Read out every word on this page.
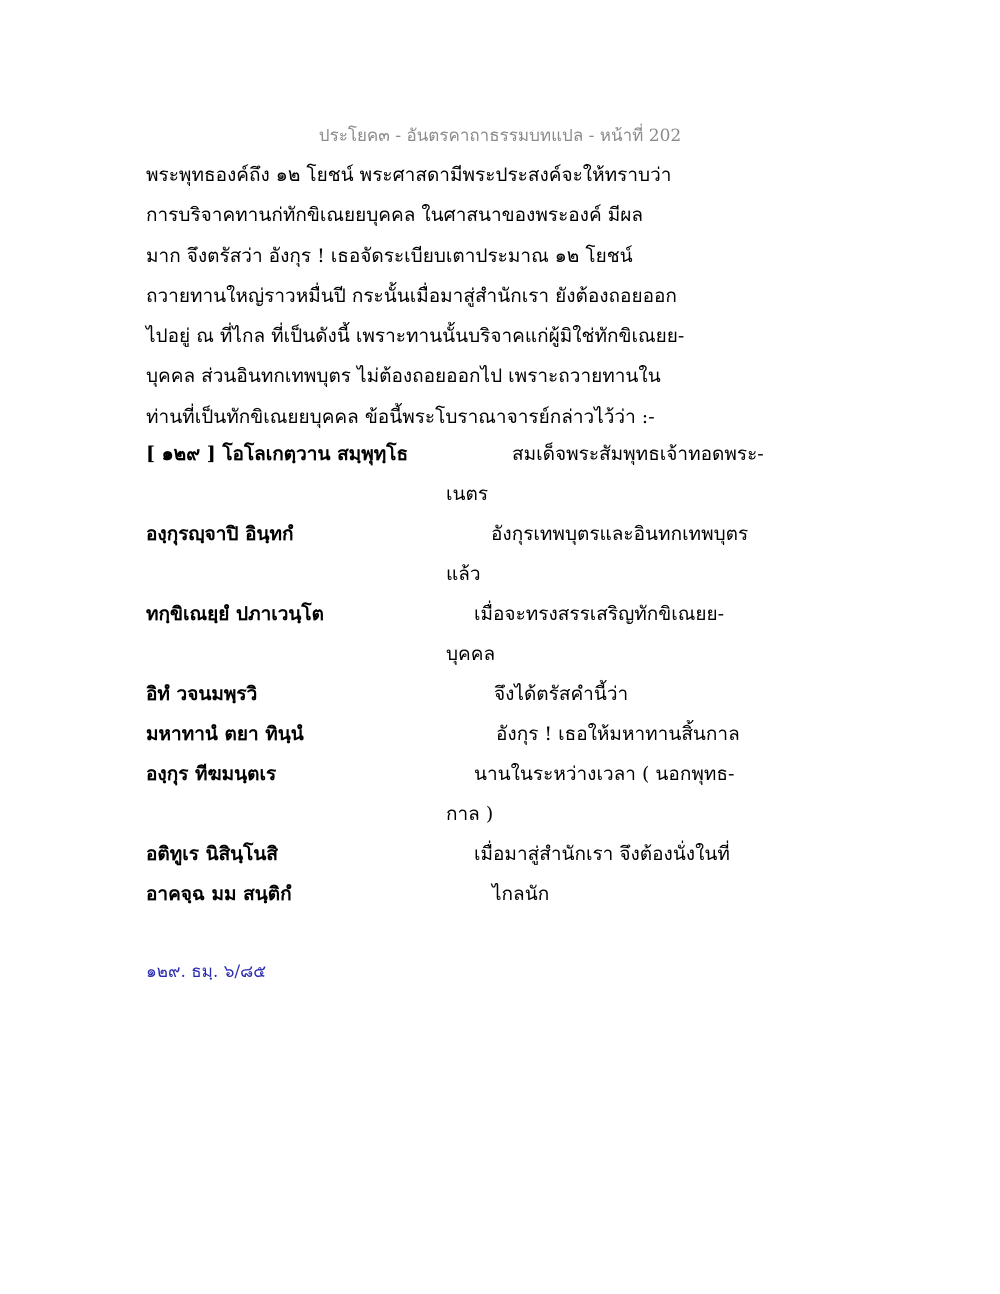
ประโยค๓ - อันตรคาถาธรรมบทแปล - หน้าที่ 202
พระพุทธองค์ถึง ๑๒ โยชน์ พระศาสดามีพระประสงค์จะให้ทราบว่า
การบริจาคทานก่ทักขิเณยยบุคคล ในศาสนาของพระองค์ มีผล
มาก จึงตรัสว่า อังกุร ! เธอจัดระเบียบเตาประมาณ ๑๒ โยชน์
ถวายทานใหญ่ราวหมื่นปี กระนั้นเมื่อมาสู่สำนักเรา ยังต้องถอยออก
ไปอยู่ ณ ที่ไกล ที่เป็นดังนี้ เพราะทานนั้นบริจาคแก่ผู้มิใช่ทักขิเณยย-
บุคคล ส่วนอินทกเทพบุตร ไม่ต้องถอยออกไป เพราะถวายทานใน
ท่านที่เป็นทักขิเณยยบุคคล ข้อนี้พระโบราณาจารย์กล่าวไว้ว่า :-
[ ๑๒๙ ] โอโลเกตฺวาน สมฺพุทฺโธ	สมเด็จพระสัมพุทธเจ้าทอดพระ-
เนตร
องฺกุรญฺจาปิ อินฺทกํ	อังกุรเทพบุตรและอินทกเทพบุตร
แล้ว
ทกฺขิเณยฺยํ ปภาเวนฺโต	เมื่อจะทรงสรรเสริญทักขิเณยย-
บุคคล
อิทํ วจนมพฺรวิ	จึงได้ตรัสคำนี้ว่า
มหาทานํ ตยา ทินฺนํ	อังกุร ! เธอให้มหาทานสิ้นกาล
องฺกุร ทีฆมนฺตเร	นานในระหว่างเวลา ( นอกพุทธ-
กาล )
อติทูเร นิสินฺโนสิ	เมื่อมาสู่สำนักเรา จึงต้องนั่งในที่
อาคจฺฉ มม สนฺติกํ	ไกลนัก
๑๒๙. ธมฺ. ๖/๘๕
